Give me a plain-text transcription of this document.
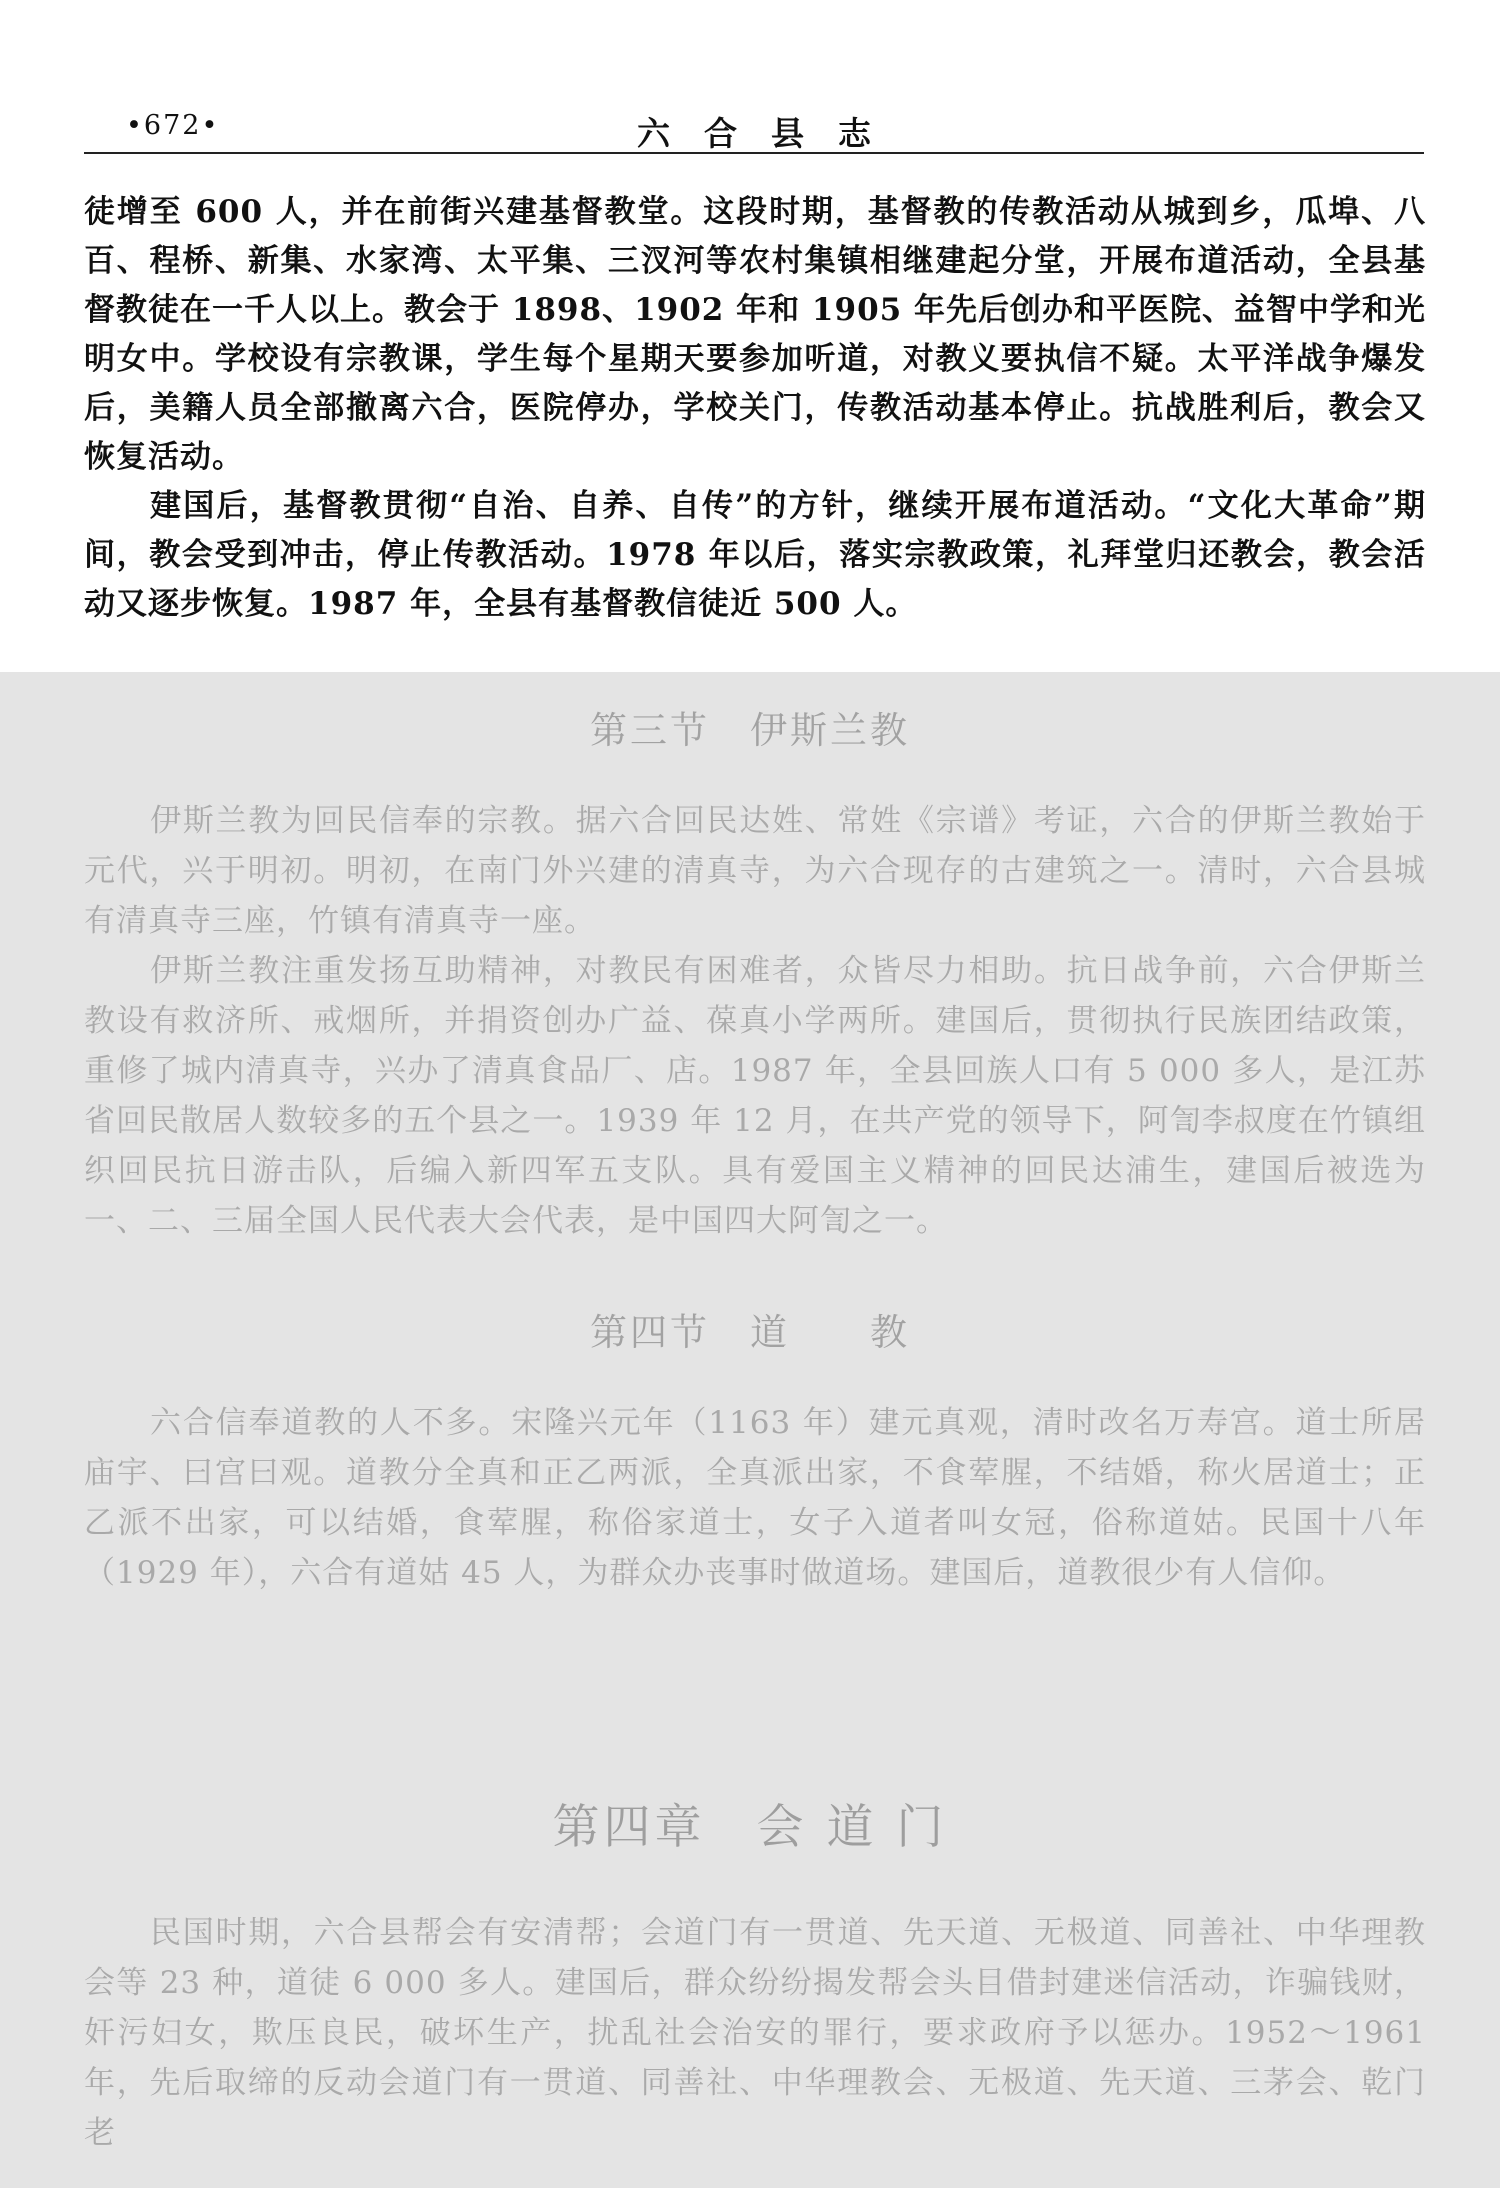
•672•	六合县志

徒增至 600 人，并在前街兴建基督教堂。这段时期，基督教的传教活动从城到乡，瓜埠、八百、程桥、新集、水家湾、太平集、三汊河等农村集镇相继建起分堂，开展布道活动，全县基督教徒在一千人以上。教会于 1898、1902 年和 1905 年先后创办和平医院、益智中学和光明女中。学校设有宗教课，学生每个星期天要参加听道，对教义要执信不疑。太平洋战争爆发后，美籍人员全部撤离六合，医院停办，学校关门，传教活动基本停止。抗战胜利后，教会又恢复活动。

建国后，基督教贯彻“自治、自养、自传”的方针，继续开展布道活动。“文化大革命”期间，教会受到冲击，停止传教活动。1978 年以后，落实宗教政策，礼拜堂归还教会，教会活动又逐步恢复。1987 年，全县有基督教信徒近 500 人。

第三节　伊斯兰教

伊斯兰教为回民信奉的宗教。据六合回民达姓、常姓《宗谱》考证，六合的伊斯兰教始于元代，兴于明初。明初，在南门外兴建的清真寺，为六合现存的古建筑之一。清时，六合县城有清真寺三座，竹镇有清真寺一座。

伊斯兰教注重发扬互助精神，对教民有困难者，众皆尽力相助。抗日战争前，六合伊斯兰教设有救济所、戒烟所，并捐资创办广益、葆真小学两所。建国后，贯彻执行民族团结政策，重修了城内清真寺，兴办了清真食品厂、店。1987 年，全县回族人口有 5 000 多人，是江苏省回民散居人数较多的五个县之一。1939 年 12 月，在共产党的领导下，阿訇李叔度在竹镇组织回民抗日游击队，后编入新四军五支队。具有爱国主义精神的回民达浦生，建国后被选为一、二、三届全国人民代表大会代表，是中国四大阿訇之一。

第四节　道　　教

六合信奉道教的人不多。宋隆兴元年（1163 年）建元真观，清时改名万寿宫。道士所居庙宇、曰宫曰观。道教分全真和正乙两派，全真派出家，不食荤腥，不结婚，称火居道士；正乙派不出家，可以结婚，食荤腥，称俗家道士，女子入道者叫女冠，俗称道姑。民国十八年（1929 年），六合有道姑 45 人，为群众办丧事时做道场。建国后，道教很少有人信仰。

第四章　会 道 门

民国时期，六合县帮会有安清帮；会道门有一贯道、先天道、无极道、同善社、中华理教会等 23 种，道徒 6 000 多人。建国后，群众纷纷揭发帮会头目借封建迷信活动，诈骗钱财，奸污妇女，欺压良民，破坏生产，扰乱社会治安的罪行，要求政府予以惩办。1952～1961 年，先后取缔的反动会道门有一贯道、同善社、中华理教会、无极道、先天道、三茅会、乾门老
